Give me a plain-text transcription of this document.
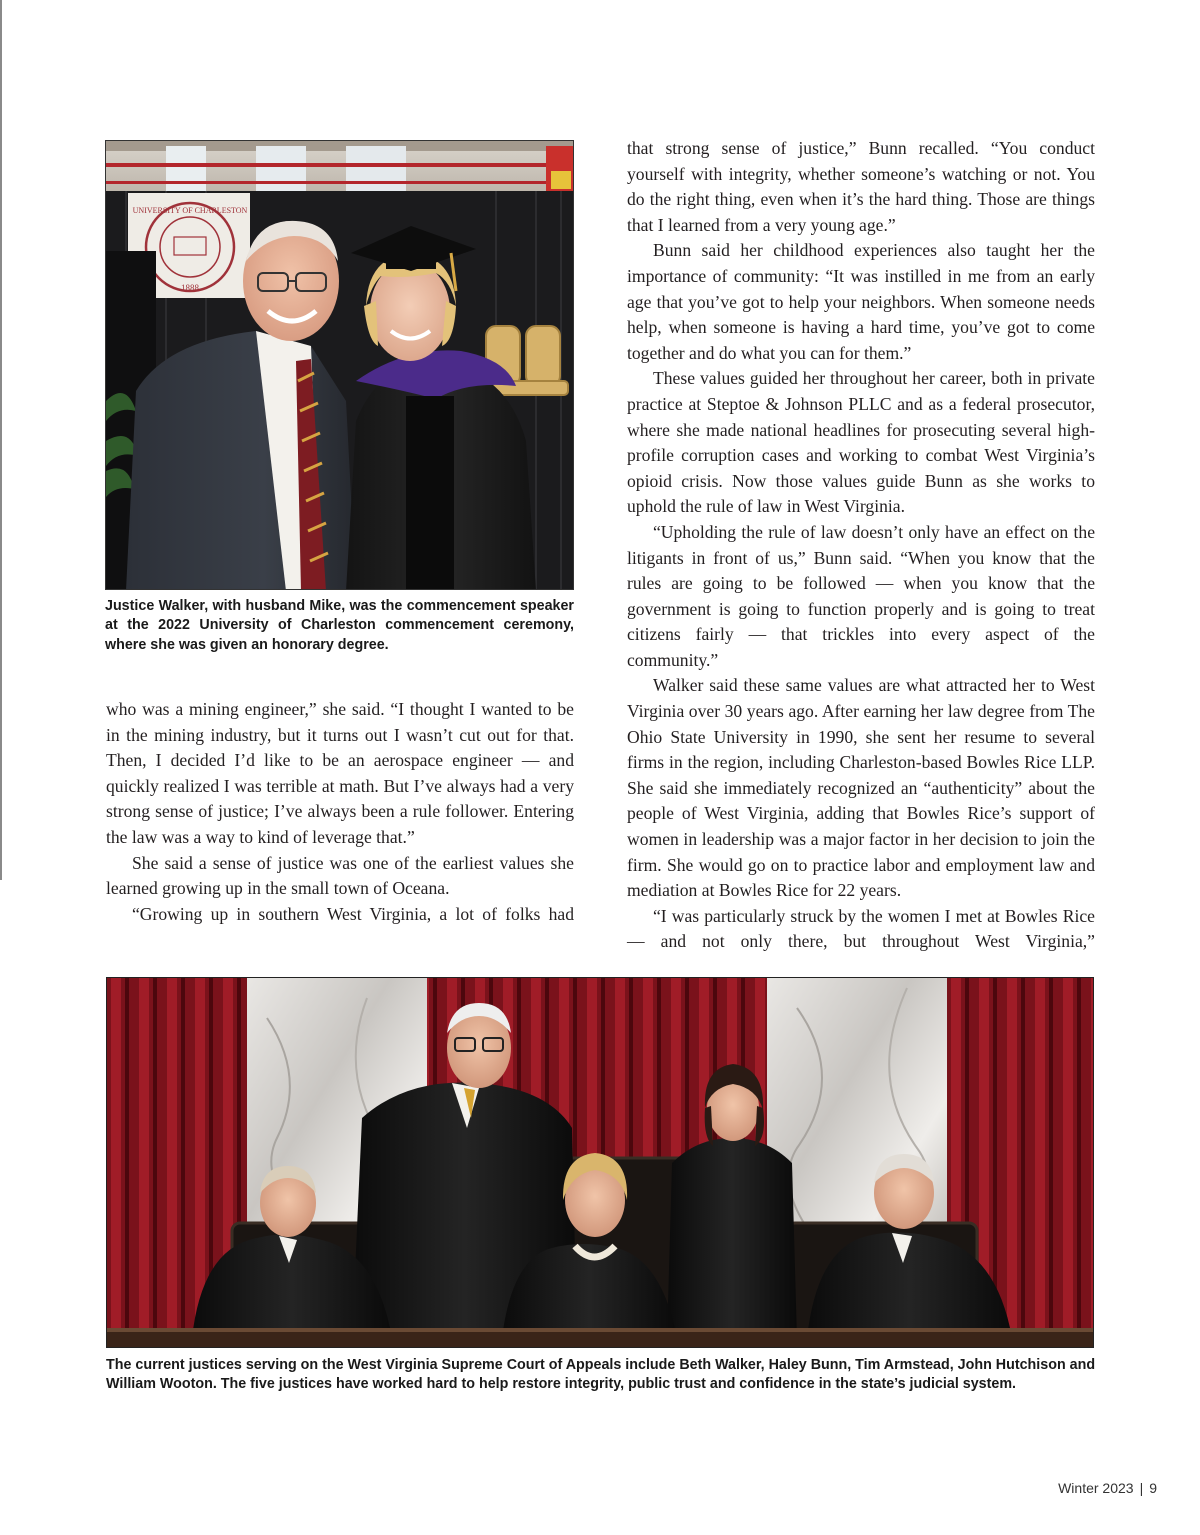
UNIVERSITY OF CHARLESTON
1888
Justice Walker, with husband Mike, was the commencement speaker at the 2022 University of Charleston commencement ceremony, where she was given an honorary degree.

who was a mining engineer,” she said. “I thought I wanted to be in the mining industry, but it turns out I wasn’t cut out for that. Then, I decided I’d like to be an aerospace engineer — and quickly realized I was terrible at math. But I’ve always had a very strong sense of justice; I’ve always been a rule follower. Entering the law was a way to kind of leverage that.”

She said a sense of justice was one of the earliest values she learned growing up in the small town of Oceana.

“Growing up in southern West Virginia, a lot of folks had

that strong sense of justice,” Bunn recalled. “You conduct yourself with integrity, whether someone’s watching or not. You do the right thing, even when it’s the hard thing. Those are things that I learned from a very young age.”

Bunn said her childhood experiences also taught her the importance of community: “It was instilled in me from an early age that you’ve got to help your neighbors. When someone needs help, when someone is having a hard time, you’ve got to come together and do what you can for them.”

These values guided her throughout her career, both in private practice at Steptoe & Johnson PLLC and as a federal prosecutor, where she made national headlines for prosecuting several high-profile corruption cases and working to combat West Virginia’s opioid crisis. Now those values guide Bunn as she works to uphold the rule of law in West Virginia.

“Upholding the rule of law doesn’t only have an effect on the litigants in front of us,” Bunn said. “When you know that the rules are going to be followed — when you know that the government is going to function properly and is going to treat citizens fairly — that trickles into every aspect of the community.”

Walker said these same values are what attracted her to West Virginia over 30 years ago. After earning her law degree from The Ohio State University in 1990, she sent her resume to several firms in the region, including Charleston-based Bowles Rice LLP. She said she immediately recognized an “authenticity” about the people of West Virginia, adding that Bowles Rice’s support of women in leadership was a major factor in her decision to join the firm. She would go on to practice labor and employment law and mediation at Bowles Rice for 22 years.

“I was particularly struck by the women I met at Bowles Rice — and not only there, but throughout West Virginia,”

The current justices serving on the West Virginia Supreme Court of Appeals include Beth Walker, Haley Bunn, Tim Armstead, John Hutchison and William Wooton. The five justices have worked hard to help restore integrity, public trust and confidence in the state’s judicial system.
Winter 2023 | 9
